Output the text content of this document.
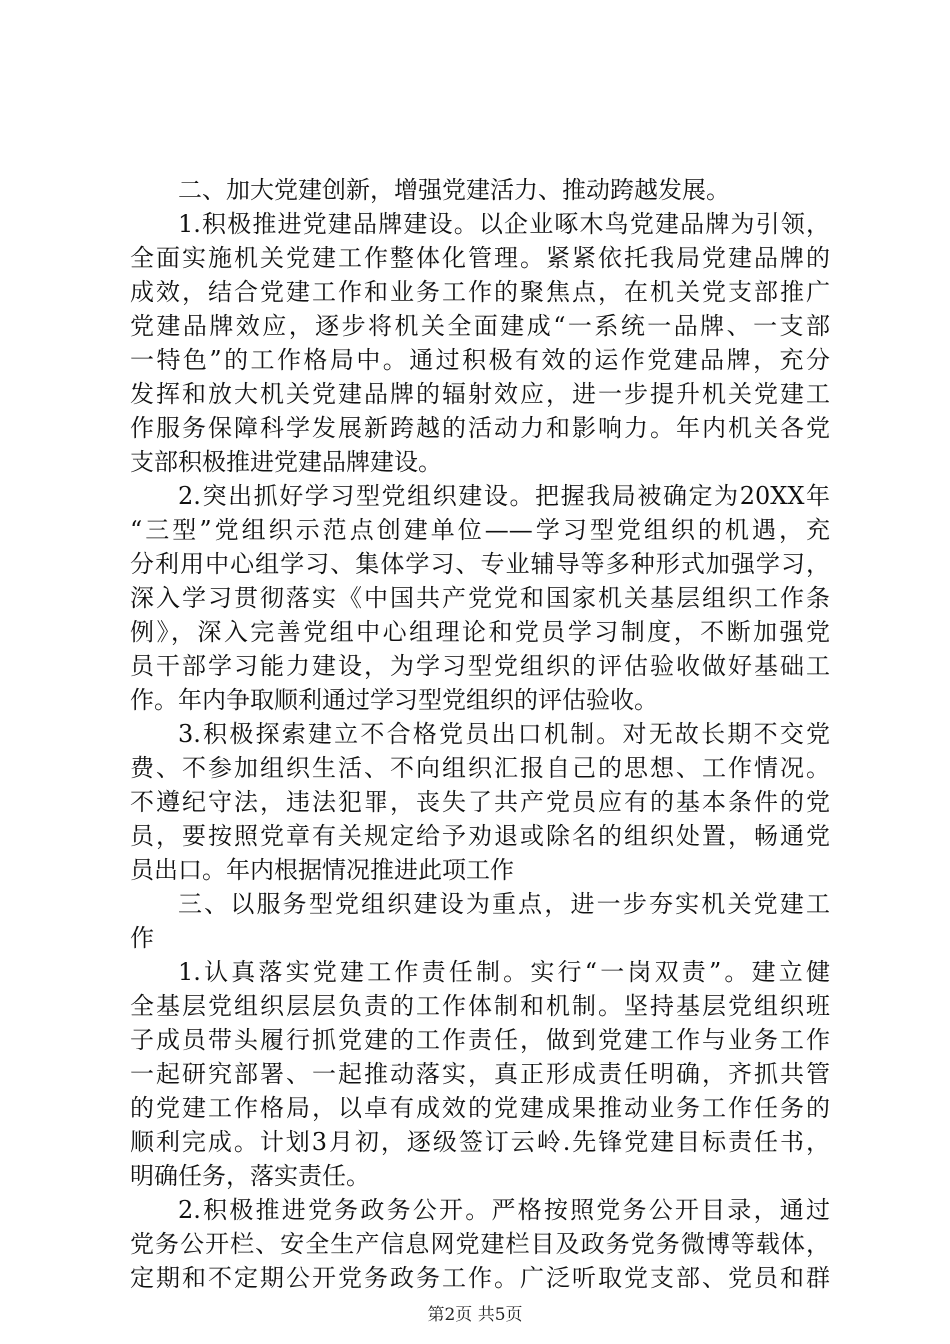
二、加大党建创新，增强党建活力、推动跨越发展。
1.积极推进党建品牌建设。以企业啄木鸟党建品牌为引领，
全面实施机关党建工作整体化管理。紧紧依托我局党建品牌的
成效，结合党建工作和业务工作的聚焦点，在机关党支部推广
党建品牌效应，逐步将机关全面建成“一系统一品牌、一支部
一特色”的工作格局中。通过积极有效的运作党建品牌，充分
发挥和放大机关党建品牌的辐射效应，进一步提升机关党建工
作服务保障科学发展新跨越的活动力和影响力。年内机关各党
支部积极推进党建品牌建设。
2.突出抓好学习型党组织建设。把握我局被确定为20XX年
“三型”党组织示范点创建单位——学习型党组织的机遇，充
分利用中心组学习、集体学习、专业辅导等多种形式加强学习，
深入学习贯彻落实《中国共产党党和国家机关基层组织工作条
例》，深入完善党组中心组理论和党员学习制度，不断加强党
员干部学习能力建设，为学习型党组织的评估验收做好基础工
作。年内争取顺利通过学习型党组织的评估验收。
3.积极探索建立不合格党员出口机制。对无故长期不交党
费、不参加组织生活、不向组织汇报自己的思想、工作情况。
不遵纪守法，违法犯罪，丧失了共产党员应有的基本条件的党
员，要按照党章有关规定给予劝退或除名的组织处置，畅通党
员出口。年内根据情况推进此项工作
三、以服务型党组织建设为重点，进一步夯实机关党建工
作
1.认真落实党建工作责任制。实行“一岗双责”。建立健
全基层党组织层层负责的工作体制和机制。坚持基层党组织班
子成员带头履行抓党建的工作责任，做到党建工作与业务工作
一起研究部署、一起推动落实，真正形成责任明确，齐抓共管
的党建工作格局，以卓有成效的党建成果推动业务工作任务的
顺利完成。计划3月初，逐级签订云岭.先锋党建目标责任书，
明确任务，落实责任。
2.积极推进党务政务公开。严格按照党务公开目录，通过
党务公开栏、安全生产信息网党建栏目及政务党务微博等载体，
定期和不定期公开党务政务工作。广泛听取党支部、党员和群
第2页 共5页
